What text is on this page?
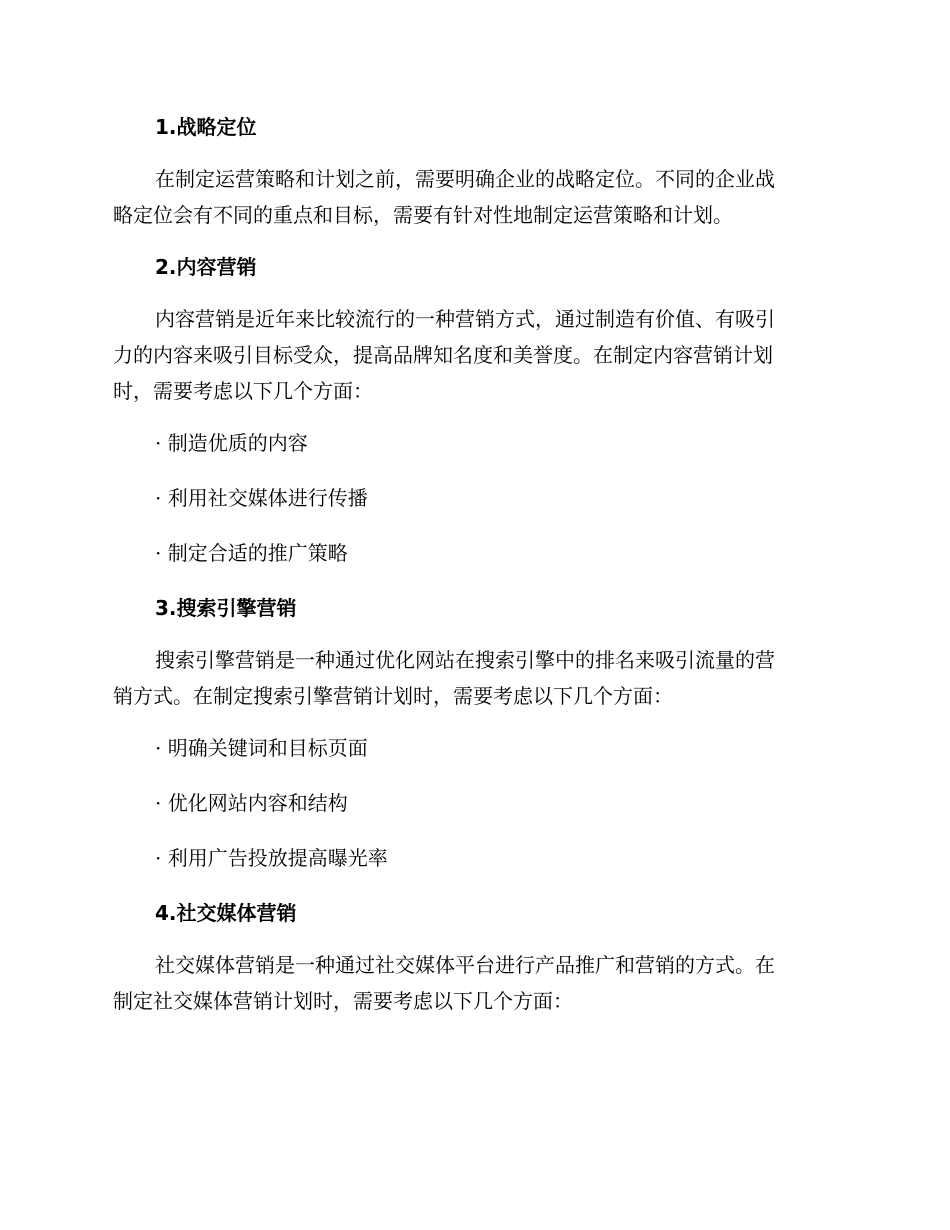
1.战略定位
在制定运营策略和计划之前，需要明确企业的战略定位。不同的企业战
略定位会有不同的重点和目标，需要有针对性地制定运营策略和计划。
2.内容营销
内容营销是近年来比较流行的一种营销方式，通过制造有价值、有吸引
力的内容来吸引目标受众，提高品牌知名度和美誉度。在制定内容营销计划
时，需要考虑以下几个方面：
· 制造优质的内容
· 利用社交媒体进行传播
· 制定合适的推广策略
3.搜索引擎营销
搜索引擎营销是一种通过优化网站在搜索引擎中的排名来吸引流量的营
销方式。在制定搜索引擎营销计划时，需要考虑以下几个方面：
· 明确关键词和目标页面
· 优化网站内容和结构
· 利用广告投放提高曝光率
4.社交媒体营销
社交媒体营销是一种通过社交媒体平台进行产品推广和营销的方式。在
制定社交媒体营销计划时，需要考虑以下几个方面：
